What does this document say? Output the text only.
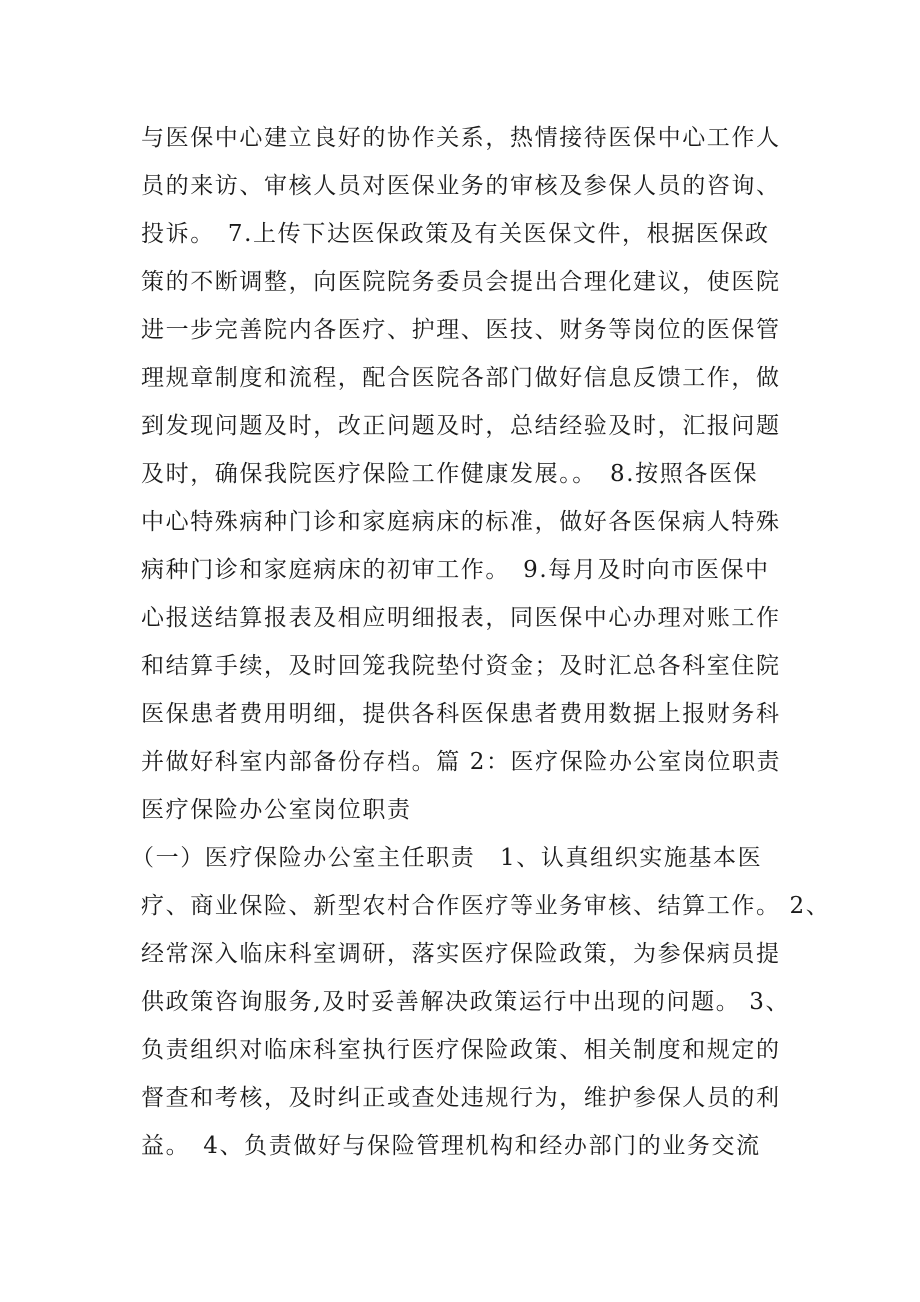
与医保中心建立良好的协作关系，热情接待医保中心工作人
员的来访、审核人员对医保业务的审核及参保人员的咨询、
投诉。　7.上传下达医保政策及有关医保文件，根据医保政
策的不断调整，向医院院务委员会提出合理化建议，使医院
进一步完善院内各医疗、护理、医技、财务等岗位的医保管
理规章制度和流程，配合医院各部门做好信息反馈工作，做
到发现问题及时，改正问题及时，总结经验及时，汇报问题
及时，确保我院医疗保险工作健康发展。。　8.按照各医保
中心特殊病种门诊和家庭病床的标准，做好各医保病人特殊
病种门诊和家庭病床的初审工作。　9.每月及时向市医保中
心报送结算报表及相应明细报表，同医保中心办理对账工作
和结算手续，及时回笼我院垫付资金；及时汇总各科室住院
医保患者费用明细，提供各科医保患者费用数据上报财务科
并做好科室内部备份存档。篇 2：医疗保险办公室岗位职责
医疗保险办公室岗位职责
（一）医疗保险办公室主任职责　1、认真组织实施基本医
疗、商业保险、新型农村合作医疗等业务审核、结算工作。 2、
经常深入临床科室调研，落实医疗保险政策，为参保病员提
供政策咨询服务,及时妥善解决政策运行中出现的问题。 3、
负责组织对临床科室执行医疗保险政策、相关制度和规定的
督查和考核，及时纠正或查处违规行为，维护参保人员的利
益。　4、负责做好与保险管理机构和经办部门的业务交流
